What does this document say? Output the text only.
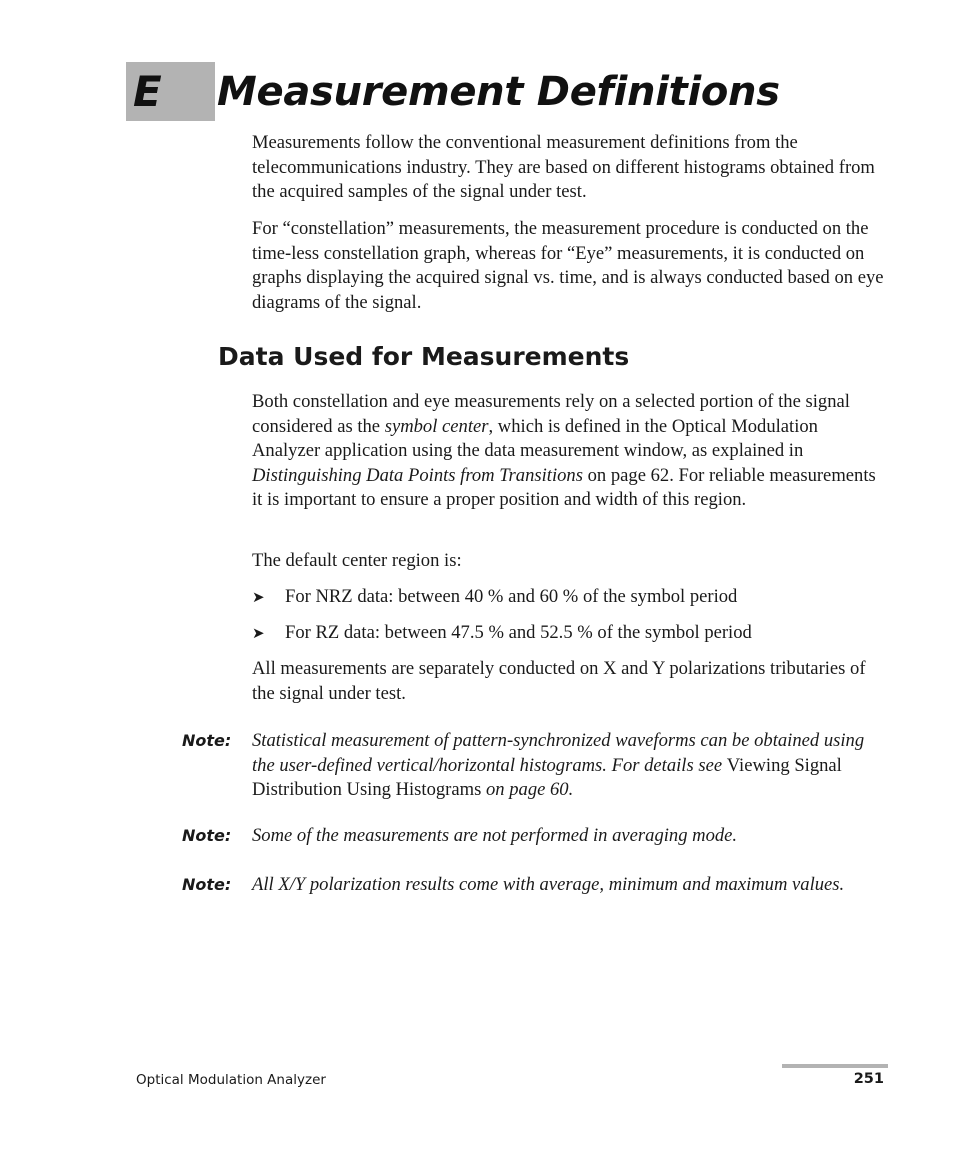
E Measurement Definitions

Measurements follow the conventional measurement definitions from the telecommunications industry. They are based on different histograms obtained from the acquired samples of the signal under test.

For “constellation” measurements, the measurement procedure is conducted on the time-less constellation graph, whereas for “Eye” measurements, it is conducted on graphs displaying the acquired signal vs. time, and is always conducted based on eye diagrams of the signal.

Data Used for Measurements

Both constellation and eye measurements rely on a selected portion of the signal considered as the symbol center, which is defined in the Optical Modulation Analyzer application using the data measurement window, as explained in Distinguishing Data Points from Transitions on page 62. For reliable measurements it is important to ensure a proper position and width of this region.

The default center region is:

➤ For NRZ data: between 40 % and 60 % of the symbol period
➤ For RZ data: between 47.5 % and 52.5 % of the symbol period

All measurements are separately conducted on X and Y polarizations tributaries of the signal under test.

Note: Statistical measurement of pattern-synchronized waveforms can be obtained using the user-defined vertical/horizontal histograms. For details see Viewing Signal Distribution Using Histograms on page 60.

Note: Some of the measurements are not performed in averaging mode.

Note: All X/Y polarization results come with average, minimum and maximum values.

Optical Modulation Analyzer	251
